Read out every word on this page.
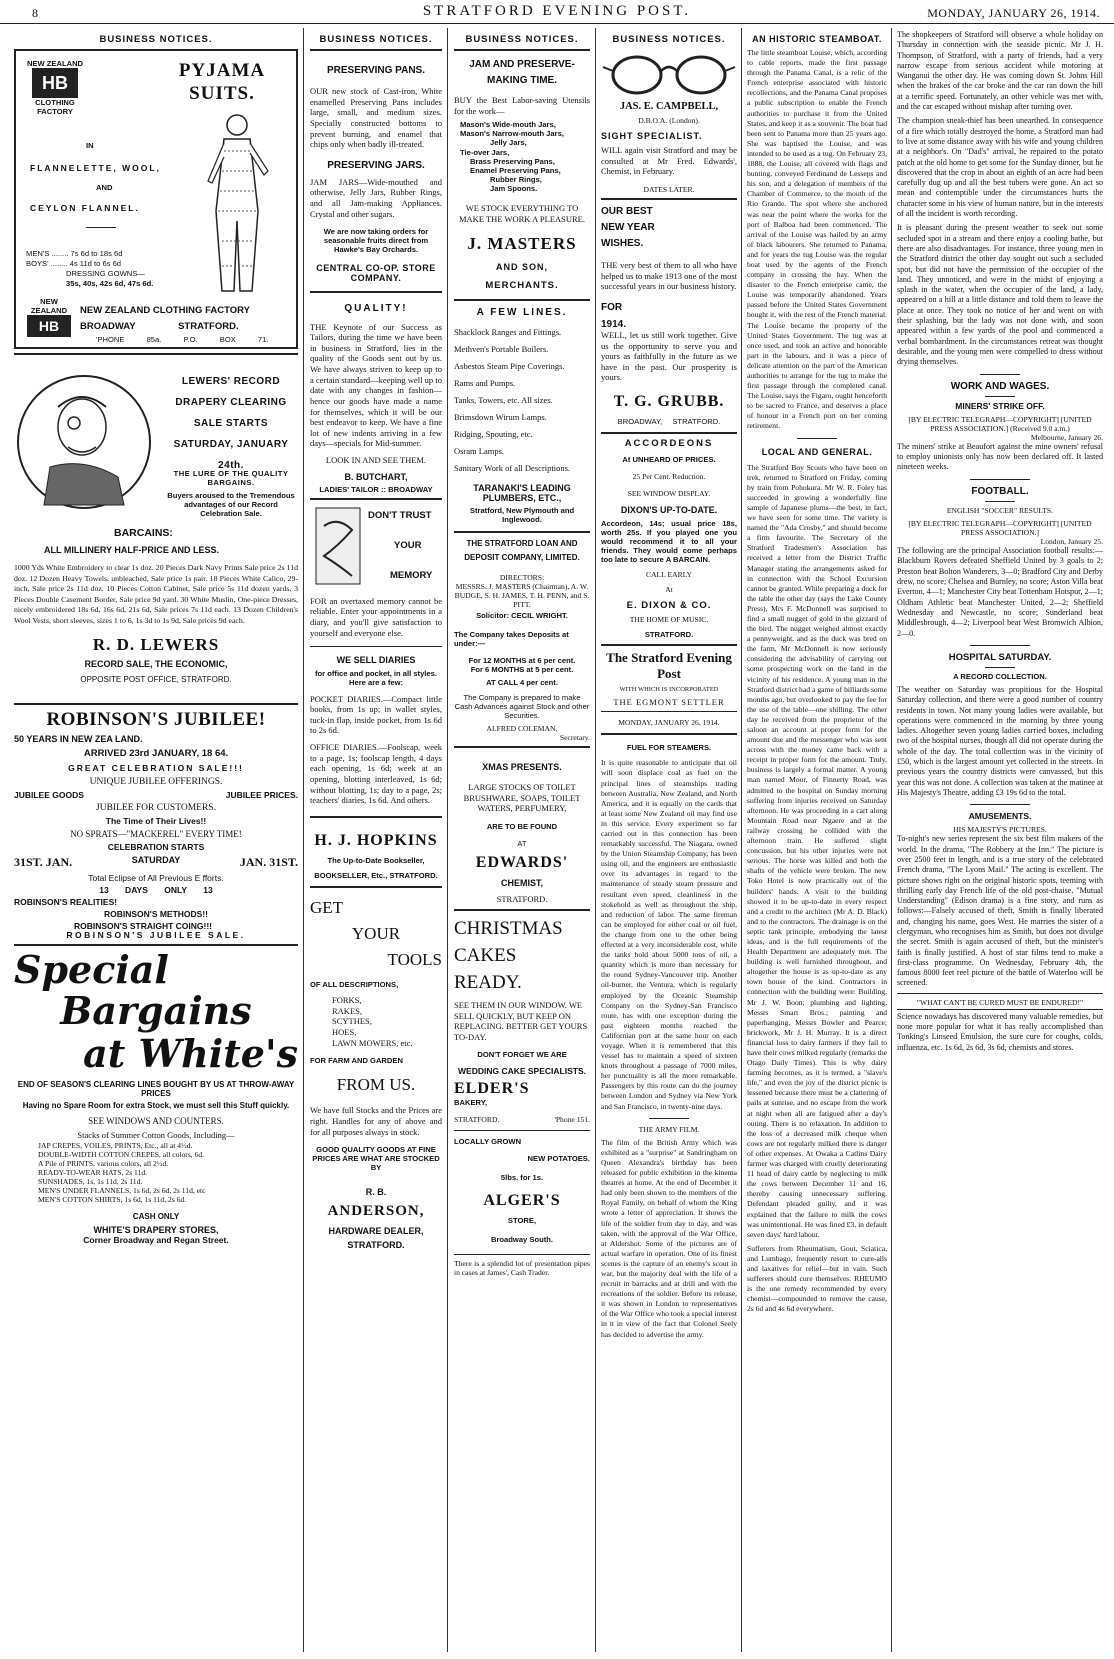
8	STRATFORD EVENING POST.	MONDAY, JANUARY 26, 1914.
BUSINESS NOTICES.
NEW ZEALAND
HB
CLOTHING FACTORY
PYJAMA SUITS.
IN
FLANNELETTE, WOOL,
AND
CEYLON FLANNEL.
MEN'S ........ 7s 6d to 18s 6d
BOYS' ........ 4s 11d to 6s 6d
DRESSING GOWNS—
35s, 40s, 42s 6d, 47s 6d.
NEW ZEALAND
HB
NEW ZEALAND CLOTHING FACTORY
BROADWAY STRATFORD.
'PHONE 85a. P.O. BOX 71.
LEWERS' RECORD DRAPERY CLEARING SALE STARTS SATURDAY, JANUARY 24th.
THE LURE OF THE QUALITY BARGAINS.
Buyers aroused to the Tremendous advantages of our Record Celebration Sale.
BARCAINS:
ALL MILLINERY HALF-PRICE AND LESS.
1000 Yds White Embroidery to clear 1s doz. 20 Pieces Dark Navy Prints Sale price 2s 11d doz. 12 Dozen Heavy Towels, unbleached, Sale price 1s pair. 18 Pieces White Calico, 29-inch, Sale price 2s 11d doz. 10 Pieces Cotton Cabinet, Sale price 5s 11d dozen yards. 3 Pieces Double Casement Border, Sale price 9d yard. 30 White Muslin, One-piece Dresses, nicely embroidered 18s 6d, 16s 6d, 21s 6d, Sale prices 7s 11d each. 13 Dozen Children's Wool Vests, short sleeves, sizes 1 to 6, 1s 3d to 1s 9d, Sale prices 9d each.
R. D. LEWERS
RECORD SALE, THE ECONOMIC,
OPPOSITE POST OFFICE, STRATFORD.
ROBINSON'S JUBILEE!
50 YEARS IN NEW ZEA LAND.
ARRIVED 23rd JANUARY, 18 64.
GREAT CELEBRATION SALE!!!
UNIQUE JUBILEE OFFERINGS.
JUBILEE GOODS	JUBILEE PRICES.
JUBILEE FOR CUSTOMERS.
The Time of Their Lives!!
NO SPRATS—"MACKEREL" EVERY TIME!
CELEBRATION STARTS
31ST. JAN.	SATURDAY	JAN. 31ST.
Total Eclipse of All Previous E fforts.
13 DAYS ONLY 13
ROBINSON'S REALITIES!
ROBINSON'S METHODS!!
ROBINSON'S STRAIGHT COING!!!
ROBINSON'S JUBILEE SALE.
Special
Bargains
at White's
END OF SEASON'S CLEARING LINES BOUGHT BY US AT THROW-AWAY PRICES
Having no Spare Room for extra Stock, we must sell this Stuff quickly.
SEE WINDOWS AND COUNTERS.
Stacks of Summer Cotton Goods, Including—
JAP CREPES, VOILES, PRINTS, Etc., all at 4½d.
DOUBLE-WIDTH COTTON CREPES, all colors, 6d.
A Pile of PRINTS, various colors, all 2½d.
READY-TO-WEAR HATS, 2s 11d.
SUNSHADES, 1s, 1s 11d, 2s 11d.
MEN'S UNDER FLANNELS, 1s 6d, 2s 6d, 2s 11d, etc
MEN'S COTTON SHIRTS, 1s 6d, 1s 11d, 2s 6d.
CASH ONLY
WHITE'S DRAPERY STORES,
Corner Broadway and Regan Street.
BUSINESS NOTICES.
PRESERVING PANS.
OUR new stock of Cast-iron, White enamelled Preserving Pans includes large, small, and medium sizes. Specially constructed bottoms to prevent burning, and enamel that chips only when badly ill-treated.
PRESERVING JARS.
JAM JARS—Wide-mouthed and otherwise, Jelly Jars, Rubber Rings, and all Jam-making Appliances. Crystal and other sugars.
We are now taking orders for seasonable fruits direct from Hawke's Bay Orchards.
CENTRAL CO-OP. STORE COMPANY.
QUALITY!
THE Keynote of our Success as Tailors, during the time we have been in business in Stratford, lies in the quality of the Goods sent out by us. We have always striven to keep up to a certain standard—keeping well up to date with any changes in fashion—hence our goods have made a name for themselves, which it will be our best endeavor to keep. We have a fine lot of new indents arriving in a few days—specials for Mid-summer.
LOOK IN AND SEE THEM.
B. BUTCHART,
LADIES' TAILOR :: BROADWAY
DON'T TRUST
YOUR
MEMORY
FOR an overtaxed memory cannot be reliable. Enter your appointments in a diary, and you'll give satisfaction to yourself and everyone else.
WE SELL DIARIES
for office and pocket, in all styles. Here are a few:
POCKET DIARIES.—Compact little books, from 1s up; in wallet styles, tuck-in flap, inside pocket, from 1s 6d to 2s 6d.
OFFICE DIARIES.—Foolscap, week to a page, 1s; foolscap length, 4 days each opening, 1s 6d; week at an opening, blotting interleaved, 1s 6d; without blotting, 1s; day to a page, 2s; teachers' diaries, 1s 6d. And others.
H. J. HOPKINS
The Up-to-Date Bookseller,
BOOKSELLER, Etc., STRATFORD.
GET
YOUR
TOOLS
OF ALL DESCRIPTIONS,
FORKS,
RAKES,
SCYTHES,
HOES,
LAWN MOWERS, etc.
FOR FARM AND GARDEN
FROM US.
We have full Stocks and the Prices are right. Handles for any of above and for all purposes always in stock.
GOOD QUALITY GOODS AT FINE PRICES ARE WHAT ARE STOCKED BY
R. B.
ANDERSON,
HARDWARE DEALER,
STRATFORD.
BUSINESS NOTICES.
JAM AND PRESERVE-MAKING TIME.
BUY the Best Labor-saving Utensils for the work—
Mason's Wide-mouth Jars,
Mason's Narrow-mouth Jars,
Jelly Jars,
Tie-over Jars,
Brass Preserving Pans,
Enamel Preserving Pans,
Rubber Rings,
Jam Spoons.
WE STOCK EVERYTHING TO MAKE THE WORK A PLEASURE.
J. MASTERS
AND SON,
MERCHANTS.
A FEW LINES.
Shacklock Ranges and Fittings.
Methven's Portable Boilers.
Asbestos Steam Pipe Coverings.
Rams and Pumps.
Tanks, Towers, etc. All sizes.
Brimsdown Wirum Lamps.
Ridging, Spouting, etc.
Osram Lamps.
Sanitary Work of all Descriptions.
TARANAKI'S LEADING PLUMBERS, ETC.,
Stratford, New Plymouth and Inglewood.
THE STRATFORD LOAN AND DEPOSIT COMPANY, LIMITED.
DIRECTORS:
MESSRS. J. MASTERS (Chairman), A. W. BUDGE, S. H. JAMES, T. H. PENN, and S. PITT.
Solicitor: CECIL WRIGHT.
The Company takes Deposits at under:—
For 12 MONTHS at 6 per cent.
For 6 MONTHS at 5 per cent.
AT CALL 4 per cent.
The Company is prepared to make Cash Advances against Stock and other Securities.
ALFRED COLEMAN,
Secretary.
XMAS PRESENTS.
LARGE STOCKS OF TOILET BRUSHWARE, SOAPS, TOILET WATERS, PERFUMERY,
ARE TO BE FOUND
AT
EDWARDS'
CHEMIST,
STRATFORD.
CHRISTMAS
CAKES
READY.
SEE THEM IN OUR WINDOW. WE SELL QUICKLY, BUT KEEP ON REPLACING. BETTER GET YOURS TO-DAY.
DON'T FORGET WE ARE
WEDDING CAKE SPECIALISTS.
ELDER'S
BAKERY,
STRATFORD.	'Phone 151.
LOCALLY GROWN
NEW POTATOES.
5lbs. for 1s.
ALGER'S
STORE,
Broadway South.
There is a splendid lot of presentation pipes in cases at James', Cash Trader.
BUSINESS NOTICES.
JAS. E. CAMPBELL,
D.B.O.A. (London).
SIGHT SPECIALIST.
WILL again visit Stratford and may be consulted at Mr Fred. Edwards', Chemist, in February.
DATES LATER.
OUR BEST
NEW YEAR
WISHES.
THE very best of them to all who have helped us to make 1913 one of the most successful years in our business history.
FOR
1914.
WELL, let us still work together. Give us the opportunity to serve you and yours as faithfully in the future as we have in the past. Our prosperity is yours.
T. G. GRUBB.
BROADWAY, STRATFORD.
ACCORDEONS
At UNHEARD OF PRICES.
25 Per Cent. Reduction.
SEE WINDOW DISPLAY.
DIXON'S UP-TO-DATE.
Accordeon, 14s; usual price 18s, worth 25s. If you played one you would recommend it to all your friends. They would come perhaps too late to secure A BARCAIN.
CALL EARLY
At
E. DIXON & CO.
THE HOME OF MUSIC.
STRATFORD.
The Stratford Evening Post
WITH WHICH IS INCORPORATED
THE EGMONT SETTLER
MONDAY, JANUARY 26, 1914.
FUEL FOR STEAMERS.
It is quite reasonable to anticipate that oil will soon displace coal as fuel on the principal lines of steamships trading between Australia, New Zealand, and North America, and it is equally on the cards that at least some New Zealand oil may find use in this service. Every experiment so far carried out in this connection has been remarkably successful. The Niagara, owned by the Union Steamship Company, has been using oil, and the engineers are enthusiastic over its advantages in regard to the maintenance of steady steam pressure and resultant even speed, cleanliness in the stokehold as well as throughout the ship, and reduction of labor. The same fireman can be employed for either coal or oil fuel, the change from one to the other being effected at a very inconsiderable cost, while the tanks hold about 5000 tons of oil, a quantity which is more than necessary for the round Sydney-Vancouver trip. Another oil-burner, the Ventura, which is regularly employed by the Oceanic Steamship Company on the Sydney-San Francisco route, has with one exception during the past eighteen months reached the Californian port at the same hour on each voyage. When it is remembered that this vessel has to maintain a speed of sixteen knots throughout a passage of 7000 miles, her punctuality is all the more remarkable. Passengers by this route can do the journey between London and Sydney via New York and San Francisco, in twenty-nine days.
THE ARMY FILM.
The film of the British Army which was exhibited as a "surprise" at Sandringham on Queen Alexandra's birthday has been released for public exhibition in the kinema theatres at home. At the end of December it had only been shown to the members of the Royal Family, on behalf of whom the King wrote a letter of appreciation. It shows the life of the soldier from day to day, and was taken, with the approval of the War Office, at Aldershot. Some of the pictures are of actual warfare in operation. One of its finest scenes is the capture of an enemy's scout in war, but the majority deal with the life of a recruit in barracks and at drill and with the recreations of the soldier. Before its release, it was shown in London to representatives of the War Office who took a special interest in it in view of the fact that Colonel Seely has decided to advertise the army.
AN HISTORIC STEAMBOAT.
The little steamboat Louise, which, according to cable reports, made the first passage through the Panama Canal, is a relic of the French enterprise associated with historic recollections, and the Panama Canal proposes a public subscription to enable the French authorities to purchase it from the United States, and keep it as a souvenir. The boat had been sent to Panama more than 25 years ago. She was baptised the Louise, and was intended to be used as a tug. On February 23, 1888, the Louise, all covered with flags and bunting, conveyed Ferdinand de Lesseps and his son, and a delegation of members of the Chamber of Commerce, to the mouth of the Rio Grande. The spot where she anchored was near the point where the works for the port of Balboa had been commenced. The arrival of the Louise was hailed by an army of black labourers. She returned to Panama, and for years the tug Louise was the regular boat used by the agents of the French company in crossing the bay. When the disaster to the French enterprise came, the Louise was temporarily abandoned. Years passed before the United States Government bought it, with the rest of the French material. The Louise became the property of the United States Government. The tug was at once used, and took an active and honorable part in the labours, and it was a piece of delicate attention on the part of the American authorities to arrange for the tug to make the first passage through the completed canal. The Louise, says the Figaro, ought henceforth to be sacred to France, and deserves a place of honour in a French port on her coming retirement.
LOCAL AND GENERAL.
The Stratford Boy Scouts who have been on trek, returned to Stratford on Friday, coming by train from Pohokura. Mr W. R. Foley has succeeded in growing a wonderfully fine sample of Japanese plums—the best, in fact, we have seen for some time. The variety is named the "Ada Crosby," and should become a firm favourite. The Secretary of the Stratford Tradesmen's Association has received a letter from the District Traffic Manager stating the arrangements asked for in connection with the School Excursion cannot be granted. While preparing a duck for the table the other day (says the Lake County Press), Mrs F. McDonnell was surprised to find a small nugget of gold in the gizzard of the bird. The nugget weighed almost exactly a pennyweight, and as the duck was bred on the farm, Mr McDonnell is now seriously considering the advisability of carrying out some prospecting work on the land in the vicinity of his residence. A young man in the Stratford district had a game of billiards some months ago, but overlooked to pay the fee for the use of the table—one shilling. The other day he received from the proprietor of the saloon an account at proper form for the amount due and the messenger who was sent across with the money came back with a receipt in proper form for the amount. Truly, business is largely a formal matter. A young man named Moor, of Finnerty Road, was admitted to the hospital on Sunday morning suffering from injuries received on Saturday afternoon. He was proceeding in a cart along Mountain Road near Ngaere and at the railway crossing he collided with the afternoon train. He suffered slight concussion, but his other injuries were not serious. The horse was killed and both the shafts of the vehicle were broken. The new Toko Hotel is now practically out of the builders' hands. A visit to the building showed it to be up-to-date in every respect and a credit to the architect (Mr A. D. Black) and to the contractors. The drainage is on the septic tank principle, embodying the latest ideas, and is the full requirements of the Health Department are adequately met. The building is well furnished throughout, and altogether the house is as up-to-date as any town house of the kind. Contractors in connection with the building were: Building, Mr J. W. Boon; plumbing and lighting, Messrs Smart Bros.; painting and paperhanging, Messrs Bowler and Pearce; brickwork, Mr J. H. Murray. It is a direct financial loss to dairy farmers if they fail to have their cows milked regularly (remarks the Otago Daily Times). This is why dairy farming becomes, as it is termed, a "slave's life," and even the joy of the district picnic is lessened because there must be a clattering of pails at sunrise, and no escape from the work at night when all are fatigued after a day's outing. There is no relaxation. In addition to the loss of a decreased milk cheque when cows are not regularly milked there is danger of other expenses. At Owaka a Catlins Dairy farmer was charged with cruelly deteriorating 11 head of dairy cattle by neglecting to milk the cows between December 11 and 16, thereby causing unnecessary suffering. Defendant pleaded guilty, and it was explained that the failure to milk the cows was unintentional. He was fined £3, in default seven days' hard labour.
Sufferers from Rheumatism, Gout, Sciatica, and Lumbago, frequently resort to cure-alls and laxatives for relief—but in vain. Such sufferers should cure themselves. RHEUMO is the one remedy recommended by every chemist—compounded to remove the cause, 2s 6d and 4s 6d everywhere.
The shopkeepers of Stratford will observe a whole holiday on Thursday in connection with the seaside picnic. Mr J. H. Thompson, of Stratford, with a party of friends, had a very narrow escape from serious accident while motoring at Wanganui the other day. He was coming down St. Johns Hill when the brakes of the car broke and the car ran down the hill at a terrific speed. Fortunately, an other vehicle was met with, and the car escaped without mishap after turning over.
The champion sneak-thief has been unearthed. In consequence of a fire which totally destroyed the home, a Stratford man had to live at some distance away with his wife and young children at a neighbor's. On "Dad's" arrival, he repaired to the potato patch at the old home to get some for the Sunday dinner, but he discovered that the crop in about an eighth of an acre had been carefully dug up and all the best tubers were gone. An act so mean and contemptible under the circumstances hurts the character some in his view of human nature, but in the interests of all the incident is worth recording.
It is pleasant during the present weather to seek out some secluded spot in a stream and there enjoy a cooling bathe, but there are also disadvantages. For instance, three young men in the Stratford district the other day sought out such a secluded spot, but did not have the permission of the occupier of the land. They unnoticed, and were in the midst of enjoying a splash in the water, when the occupier of the land, a lady, appeared on a hill at a little distance and told them to leave the place at once. They took no notice of her and went on with their splashing, but the lady was not done with, and soon appeared within a few yards of the pool and commenced a verbal bombardment. In the circumstances retreat was thought desirable, and the young men were compelled to dress without drying themselves.
WORK AND WAGES.
MINERS' STRIKE OFF.
[BY ELECTRIC TELEGRAPH—COPYRIGHT] [UNITED PRESS ASSOCIATION.] (Received 9.0 a.m.)
Melbourne, January 26.
The miners' strike at Beaufort against the mine owners' refusal to employ unionists only has now been declared off. It lasted nineteen weeks.
FOOTBALL.
ENGLISH "SOCCER" RESULTS.
[BY ELECTRIC TELEGRAPH—COPYRIGHT] [UNITED PRESS ASSOCIATION.]
London, January 25.
The following are the principal Association football results:—Blackburn Rovers defeated Sheffield United by 3 goals to 2; Preston beat Bolton Wanderers, 3—0; Bradford City and Derby drew, no score; Chelsea and Burnley, no score; Aston Villa beat Everton, 4—1; Manchester City beat Tottenham Hotspur, 2—1; Oldham Athletic beat Manchester United, 2—2; Sheffield Wednesday and Newcastle, no score; Sunderland beat Middlesbrough, 4—2; Liverpool beat West Bromwich Albion, 2—0.
HOSPITAL SATURDAY.
A RECORD COLLECTION.
The weather on Saturday was propitious for the Hospital Saturday collection, and there were a good number of country residents in town. Not many young ladies were available, but operations were commenced in the morning by three young ladies. Altogether seven young ladies carried boxes, including two of the hospital nurses, though all did not operate during the whole of the day. The total collection was in the vicinity of £50, which is the largest amount yet collected in the streets. In previous years the country districts were canvassed, but this year this was not done. A collection was taken at the matinee at His Majesty's Theatre, adding £3 19s 6d to the total.
AMUSEMENTS.
HIS MAJESTY'S PICTURES.
To-night's new series represent the six best film makers of the world. In the drama, "The Robbery at the Inn." The picture is over 2500 feet in length, and is a true story of the celebrated French drama, "The Lyons Mail." The acting is excellent. The picture shows right on the original historic spots, teeming with thrilling early day French life of the old post-chaise. "Mutual Understanding" (Edison drama) is a fine story, and runs as follows:—Falsely accused of theft, Smith is finally liberated and, changing his name, goes West. He marries the sister of a clergyman, who recognises him as Smith, but does not divulge the secret. Smith is again accused of theft, but the minister's faith is finally justified. A host of star films tend to make a first-class programme. On Wednesday, February 4th, the famous 8000 feet reel picture of the battle of Waterloo will be screened.
"WHAT CAN'T BE CURED MUST BE ENDURED!"
Science nowadays has discovered many valuable remedies, but none more popular for what it has really accomplished than Tonking's Linseed Emulsion, the sure cure for coughs, colds, influenza, etc. 1s 6d, 2s 6d, 3s 6d, chemists and stores.
